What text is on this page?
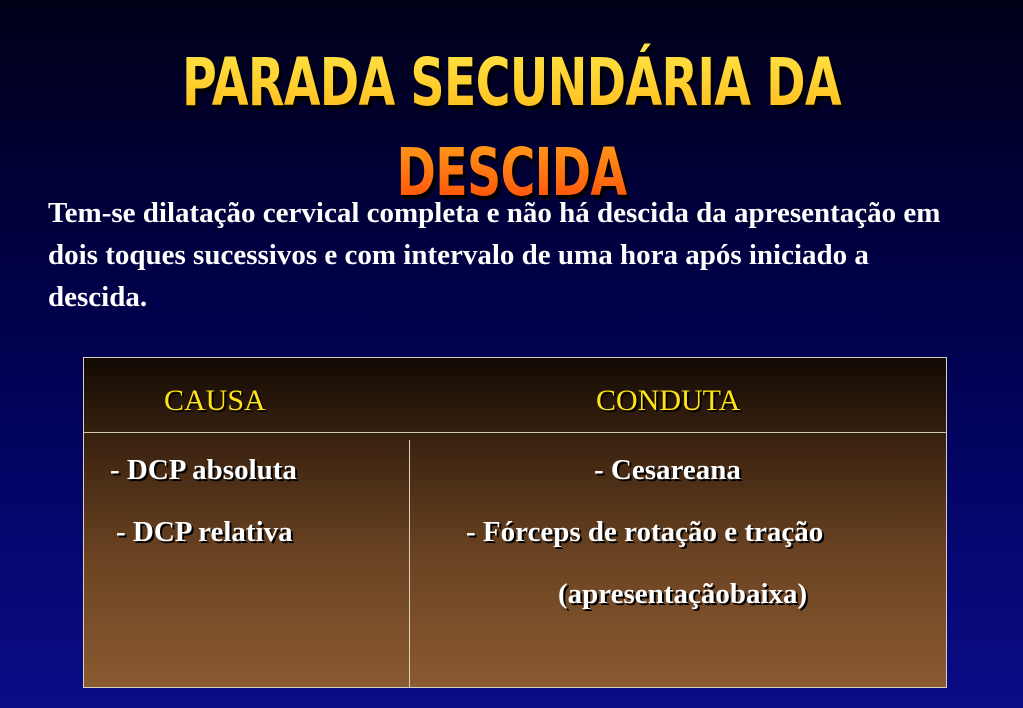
PARADA SECUNDÁRIA DA DESCIDA

Tem-se dilatação cervical completa e não há descida da apresentação em dois toques sucessivos e com intervalo de uma hora após iniciado a descida.

CAUSA	CONDUTA
- DCP absoluta
- DCP relativa
- Cesareana
- Fórceps de rotação e tração
(apresentaçãobaixa)
